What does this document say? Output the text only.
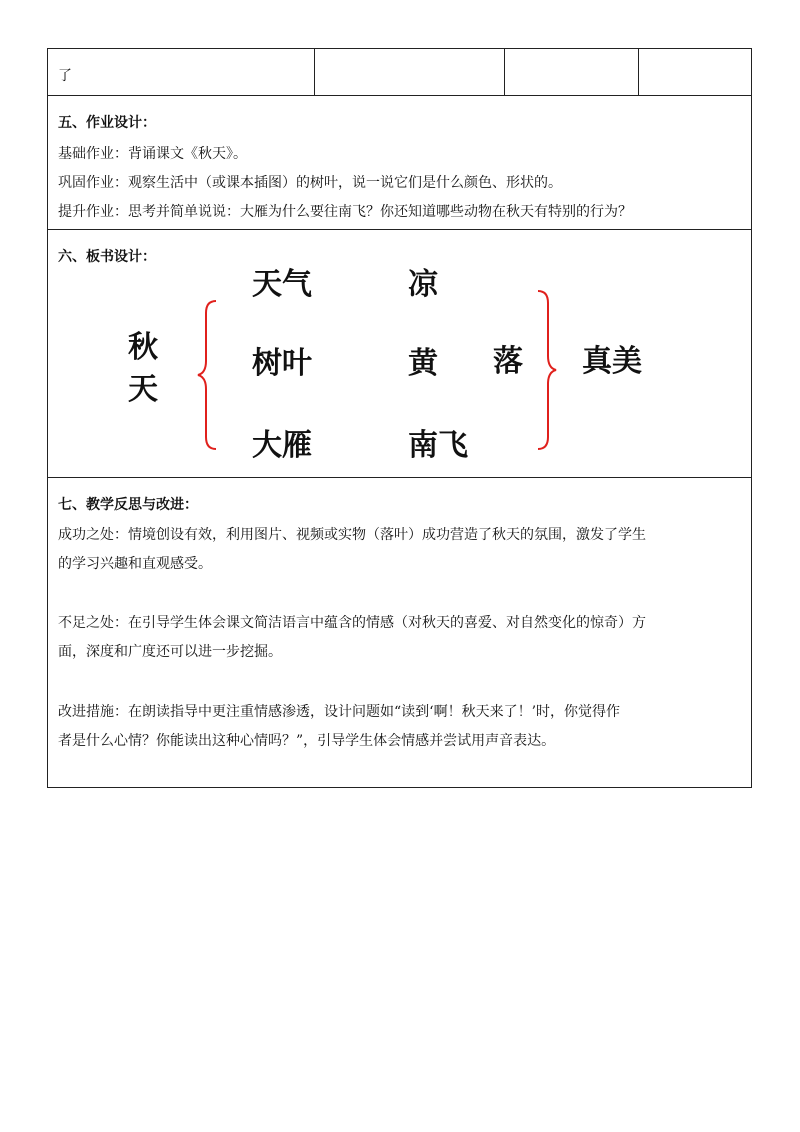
了
五、作业设计：
基础作业：背诵课文《秋天》。
巩固作业：观察生活中（或课本插图）的树叶，说一说它们是什么颜色、形状的。
提升作业：思考并简单说说：大雁为什么要往南飞？你还知道哪些动物在秋天有特别的行为？
六、板书设计：
秋
天
天气	凉
树叶	黄 落
大雁	南飞
真美
七、教学反思与改进：
成功之处：情境创设有效，利用图片、视频或实物（落叶）成功营造了秋天的氛围，激发了学生
的学习兴趣和直观感受。
不足之处：在引导学生体会课文简洁语言中蕴含的情感（对秋天的喜爱、对自然变化的惊奇）方
面，深度和广度还可以进一步挖掘。
改进措施：在朗读指导中更注重情感渗透，设计问题如“读到‘啊！秋天来了！’时，你觉得作
者是什么心情？你能读出这种心情吗？”，引导学生体会情感并尝试用声音表达。
